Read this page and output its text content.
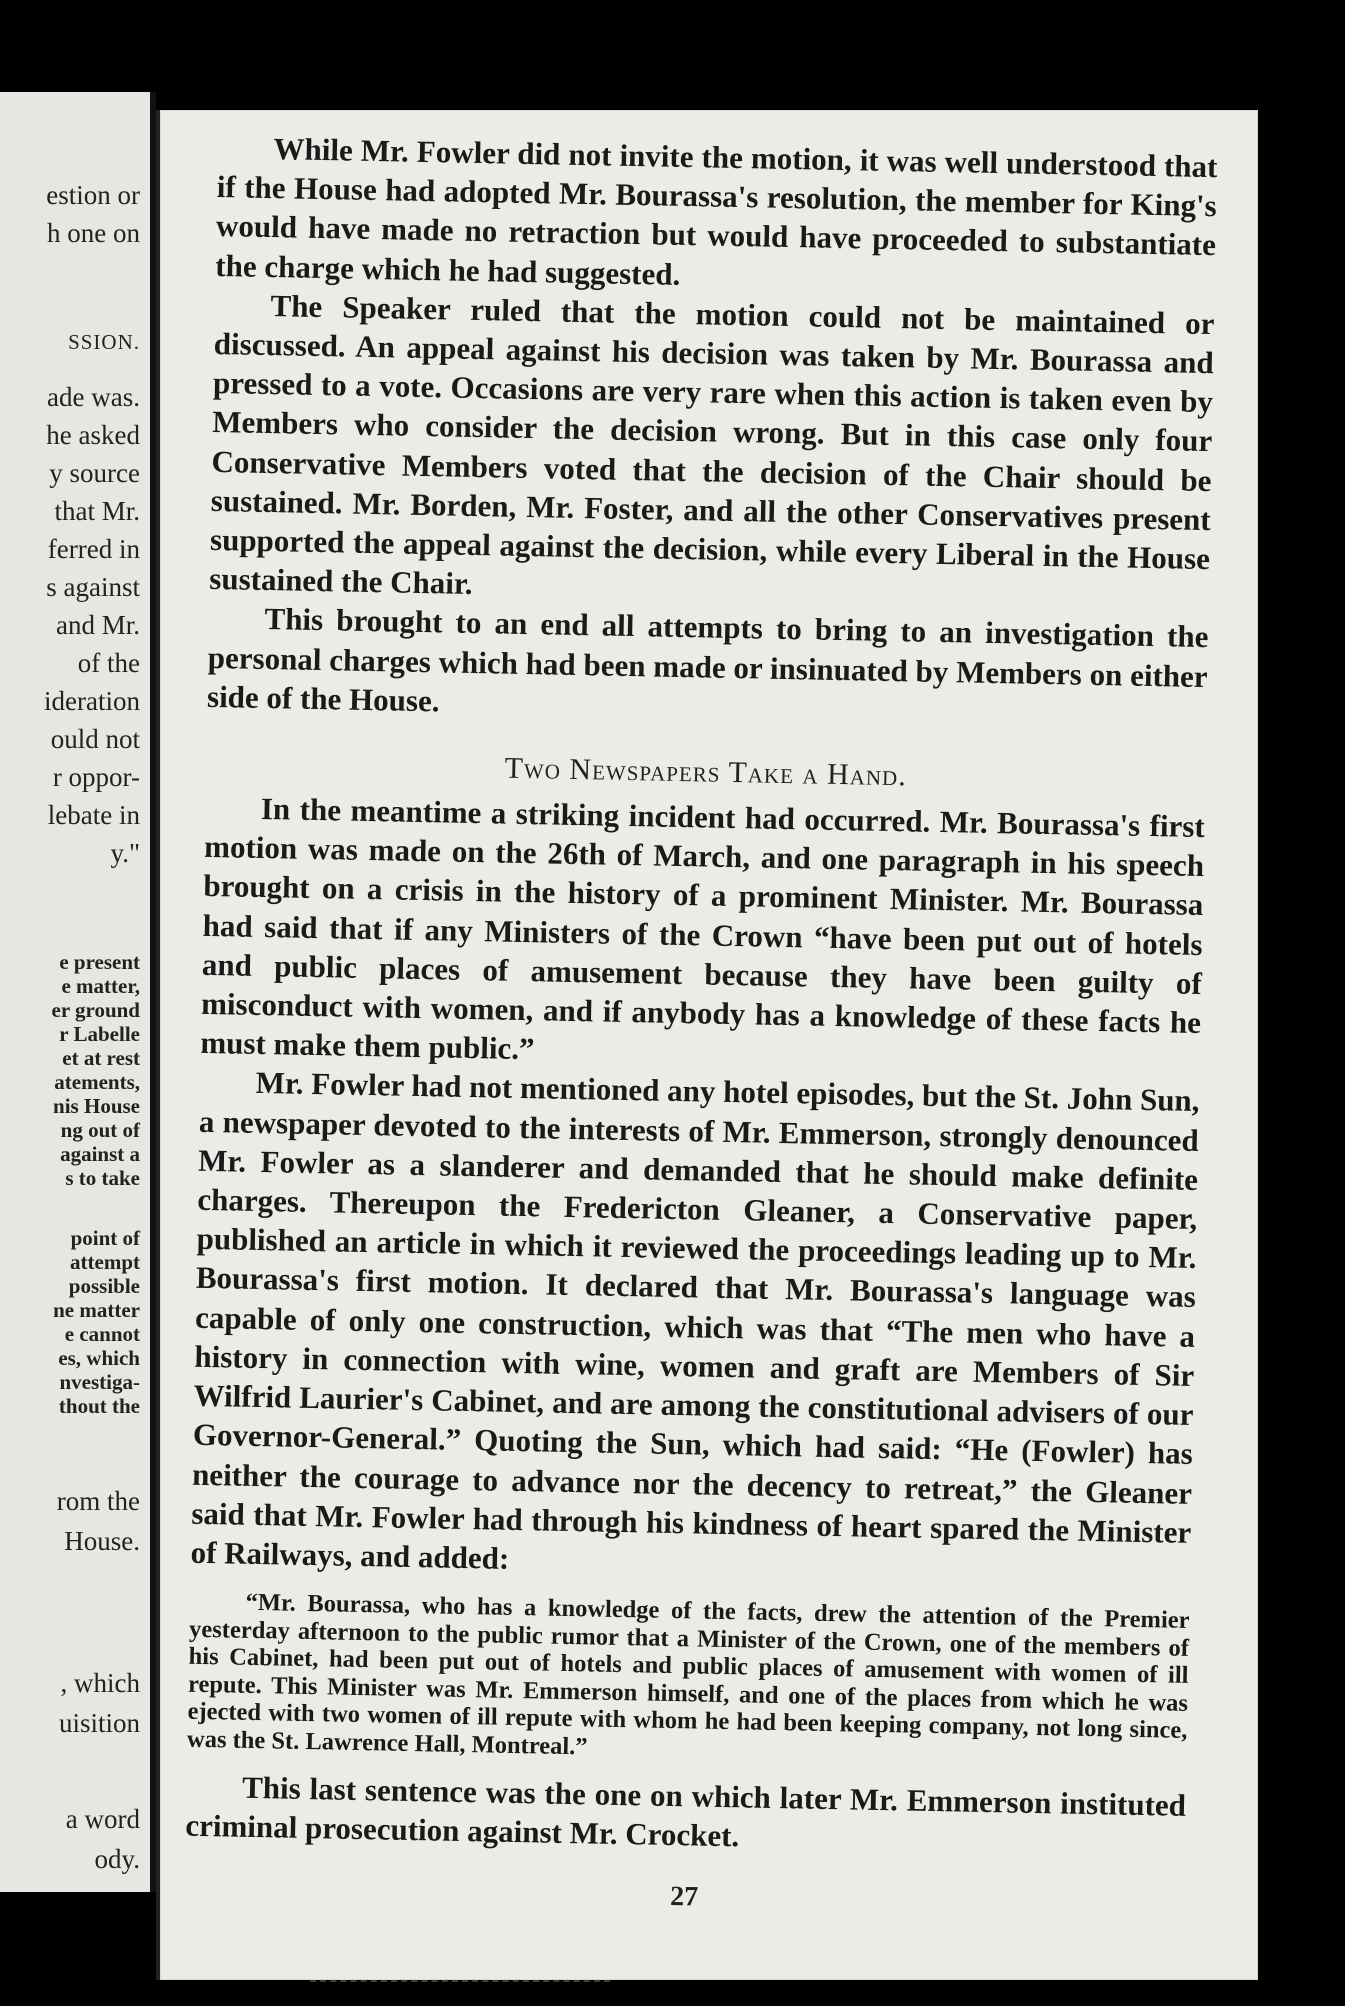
estion or
h one on
SSION.
ade was.
he asked
y source
that Mr.
ferred in
s against
and Mr.
of the
ideration
ould not
r oppor-
lebate in
y."
e present
e matter,
er ground
r Labelle
et at rest
atements,
nis House
ng out of
against a
s to take
point of
attempt
possible
ne matter
e cannot
es, which
nvestiga-
thout the
rom the
House.
, which
uisition
a word
ody.

While Mr. Fowler did not invite the motion, it was well understood that if the House had adopted Mr. Bourassa's resolution, the member for King's would have made no retraction but would have proceeded to substantiate the charge which he had suggested.

The Speaker ruled that the motion could not be maintained or discussed. An appeal against his decision was taken by Mr. Bourassa and pressed to a vote. Occasions are very rare when this action is taken even by Members who consider the decision wrong. But in this case only four Conservative Members voted that the decision of the Chair should be sustained. Mr. Borden, Mr. Foster, and all the other Conservatives present supported the appeal against the decision, while every Liberal in the House sustained the Chair.

This brought to an end all attempts to bring to an investigation the personal charges which had been made or insinuated by Members on either side of the House.

Two Newspapers Take a Hand.

In the meantime a striking incident had occurred. Mr. Bourassa's first motion was made on the 26th of March, and one paragraph in his speech brought on a crisis in the history of a prominent Minister. Mr. Bourassa had said that if any Ministers of the Crown “have been put out of hotels and public places of amusement because they have been guilty of misconduct with women, and if anybody has a knowledge of these facts he must make them public.”

Mr. Fowler had not mentioned any hotel episodes, but the St. John Sun, a newspaper devoted to the interests of Mr. Emmerson, strongly denounced Mr. Fowler as a slanderer and demanded that he should make definite charges. Thereupon the Fredericton Gleaner, a Conservative paper, published an article in which it reviewed the proceedings leading up to Mr. Bourassa's first motion. It declared that Mr. Bourassa's language was capable of only one construction, which was that “The men who have a history in connection with wine, women and graft are Members of Sir Wilfrid Laurier's Cabinet, and are among the constitutional advisers of our Governor-General.” Quoting the Sun, which had said: “He (Fowler) has neither the courage to advance nor the decency to retreat,” the Gleaner said that Mr. Fowler had through his kindness of heart spared the Minister of Railways, and added:

“Mr. Bourassa, who has a knowledge of the facts, drew the attention of the Premier yesterday afternoon to the public rumor that a Minister of the Crown, one of the members of his Cabinet, had been put out of hotels and public places of amusement with women of ill repute. This Minister was Mr. Emmerson himself, and one of the places from which he was ejected with two women of ill repute with whom he had been keeping company, not long since, was the St. Lawrence Hall, Montreal.”

This last sentence was the one on which later Mr. Emmerson instituted criminal prosecution against Mr. Crocket.

27
